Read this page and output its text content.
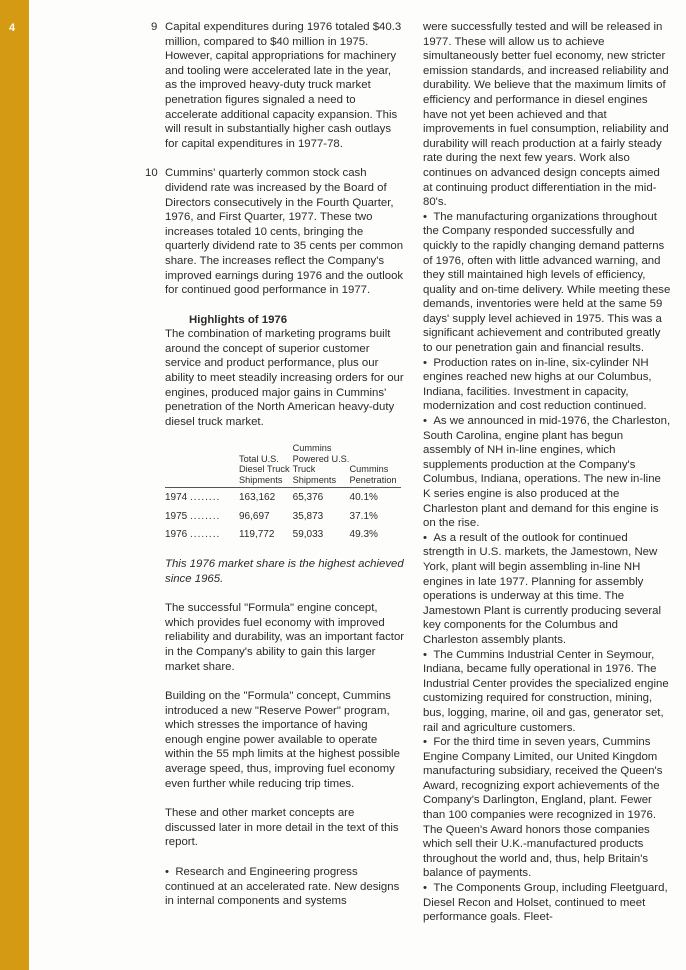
4	9 Capital expenditures during 1976 totaled $40.3 million, compared to $40 million in 1975. However, capital appropriations for machinery and tooling were accelerated late in the year, as the improved heavy-duty truck market penetration figures signaled a need to accelerate additional capacity expansion. This will result in substantially higher cash outlays for capital expenditures in 1977-78.

10 Cummins' quarterly common stock cash dividend rate was increased by the Board of Directors consecutively in the Fourth Quarter, 1976, and First Quarter, 1977. These two increases totaled 10 cents, bringing the quarterly dividend rate to 35 cents per common share. The increases reflect the Company's improved earnings during 1976 and the outlook for continued good performance in 1977.

Highlights of 1976

The combination of marketing programs built around the concept of superior customer service and product performance, plus our ability to meet steadily increasing orders for our engines, produced major gains in Cummins' penetration of the North American heavy-duty diesel truck market.

	Total U.S. Diesel Truck Shipments	Cummins Powered U.S. Truck Shipments	Cummins Penetration
1974 ........	163,162	65,376	40.1%
1975 ........	96,697	35,873	37.1%
1976 ........	119,772	59,033	49.3%

This 1976 market share is the highest achieved since 1965.

The successful "Formula" engine concept, which provides fuel economy with improved reliability and durability, was an important factor in the Company's ability to gain this larger market share.

Building on the "Formula" concept, Cummins introduced a new "Reserve Power" program, which stresses the importance of having enough engine power available to operate within the 55 mph limits at the highest possible average speed, thus, improving fuel economy even further while reducing trip times.

These and other market concepts are discussed later in more detail in the text of this report.

•  Research and Engineering progress continued at an accelerated rate. New designs in internal components and systems

were successfully tested and will be released in 1977. These will allow us to achieve simultaneously better fuel economy, new stricter emission standards, and increased reliability and durability. We believe that the maximum limits of efficiency and performance in diesel engines have not yet been achieved and that improvements in fuel consumption, reliability and durability will reach production at a fairly steady rate during the next few years. Work also continues on advanced design concepts aimed at continuing product differentiation in the mid-80's.

•  The manufacturing organizations throughout the Company responded successfully and quickly to the rapidly changing demand patterns of 1976, often with little advanced warning, and they still maintained high levels of efficiency, quality and on-time delivery. While meeting these demands, inventories were held at the same 59 days' supply level achieved in 1975. This was a significant achievement and contributed greatly to our penetration gain and financial results.

•  Production rates on in-line, six-cylinder NH engines reached new highs at our Columbus, Indiana, facilities. Investment in capacity, modernization and cost reduction continued.

•  As we announced in mid-1976, the Charleston, South Carolina, engine plant has begun assembly of NH in-line engines, which supplements production at the Company's Columbus, Indiana, operations. The new in-line K series engine is also produced at the Charleston plant and demand for this engine is on the rise.

•  As a result of the outlook for continued strength in U.S. markets, the Jamestown, New York, plant will begin assembling in-line NH engines in late 1977. Planning for assembly operations is underway at this time. The Jamestown Plant is currently producing several key components for the Columbus and Charleston assembly plants.

•  The Cummins Industrial Center in Seymour, Indiana, became fully operational in 1976. The Industrial Center provides the specialized engine customizing required for construction, mining, bus, logging, marine, oil and gas, generator set, rail and agriculture customers.

•  For the third time in seven years, Cummins Engine Company Limited, our United Kingdom manufacturing subsidiary, received the Queen's Award, recognizing export achievements of the Company's Darlington, England, plant. Fewer than 100 companies were recognized in 1976. The Queen's Award honors those companies which sell their U.K.-manufactured products throughout the world and, thus, help Britain's balance of payments.

•  The Components Group, including Fleetguard, Diesel Recon and Holset, continued to meet performance goals. Fleet-
